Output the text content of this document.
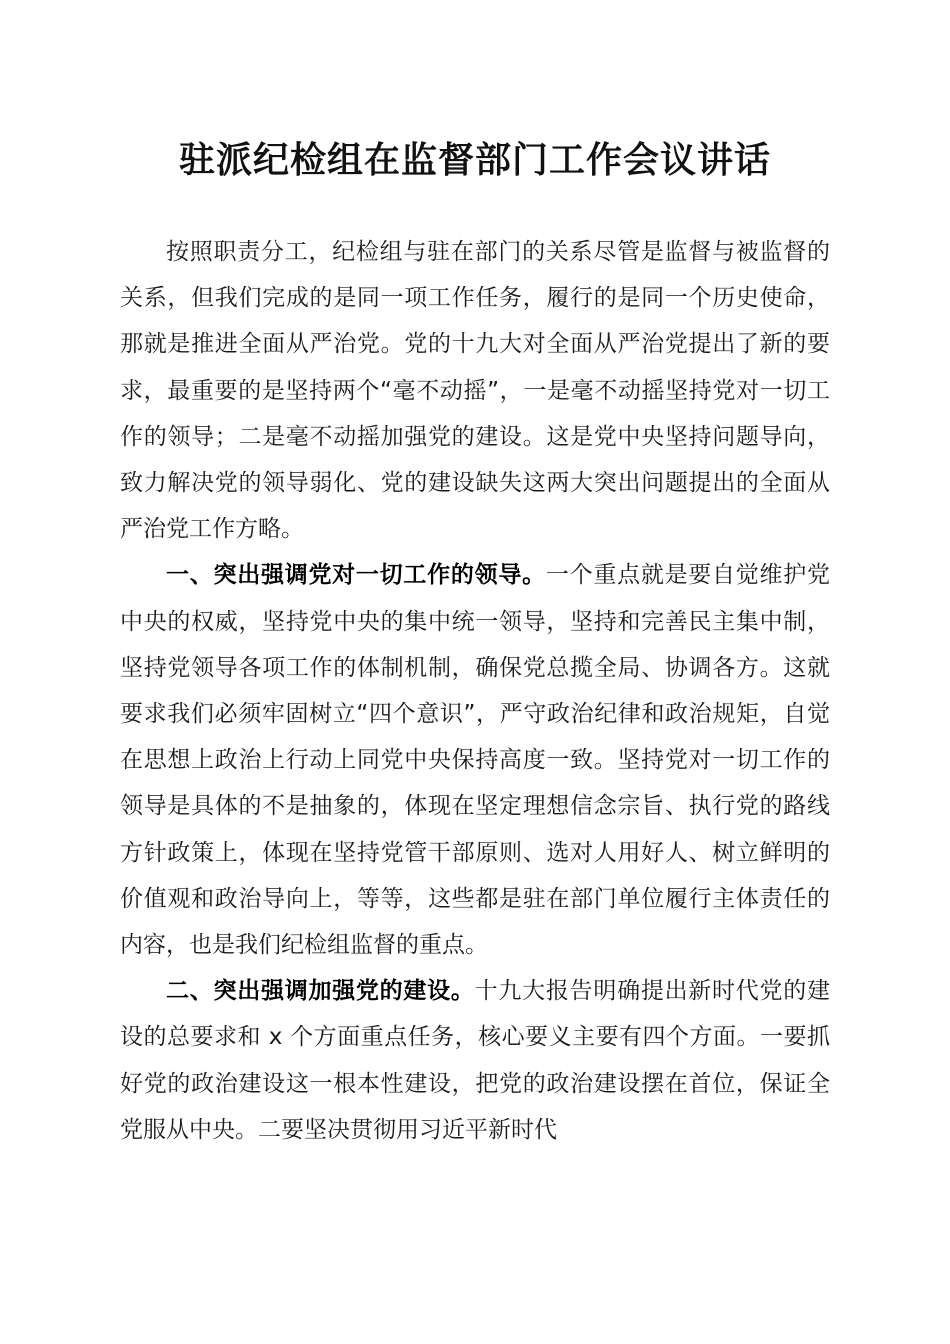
驻派纪检组在监督部门工作会议讲话

按照职责分工，纪检组与驻在部门的关系尽管是监督与被监督的关系，但我们完成的是同一项工作任务，履行的是同一个历史使命，那就是推进全面从严治党。党的十九大对全面从严治党提出了新的要求，最重要的是坚持两个“毫不动摇”，一是毫不动摇坚持党对一切工作的领导；二是毫不动摇加强党的建设。这是党中央坚持问题导向，致力解决党的领导弱化、党的建设缺失这两大突出问题提出的全面从严治党工作方略。

一、突出强调党对一切工作的领导。一个重点就是要自觉维护党中央的权威，坚持党中央的集中统一领导，坚持和完善民主集中制，坚持党领导各项工作的体制机制，确保党总揽全局、协调各方。这就要求我们必须牢固树立“四个意识”，严守政治纪律和政治规矩，自觉在思想上政治上行动上同党中央保持高度一致。坚持党对一切工作的领导是具体的不是抽象的，体现在坚定理想信念宗旨、执行党的路线方针政策上，体现在坚持党管干部原则、选对人用好人、树立鲜明的价值观和政治导向上，等等，这些都是驻在部门单位履行主体责任的内容，也是我们纪检组监督的重点。

二、突出强调加强党的建设。十九大报告明确提出新时代党的建设的总要求和 x 个方面重点任务，核心要义主要有四个方面。一要抓好党的政治建设这一根本性建设，把党的政治建设摆在首位，保证全党服从中央。二要坚决贯彻用习近平新时代
